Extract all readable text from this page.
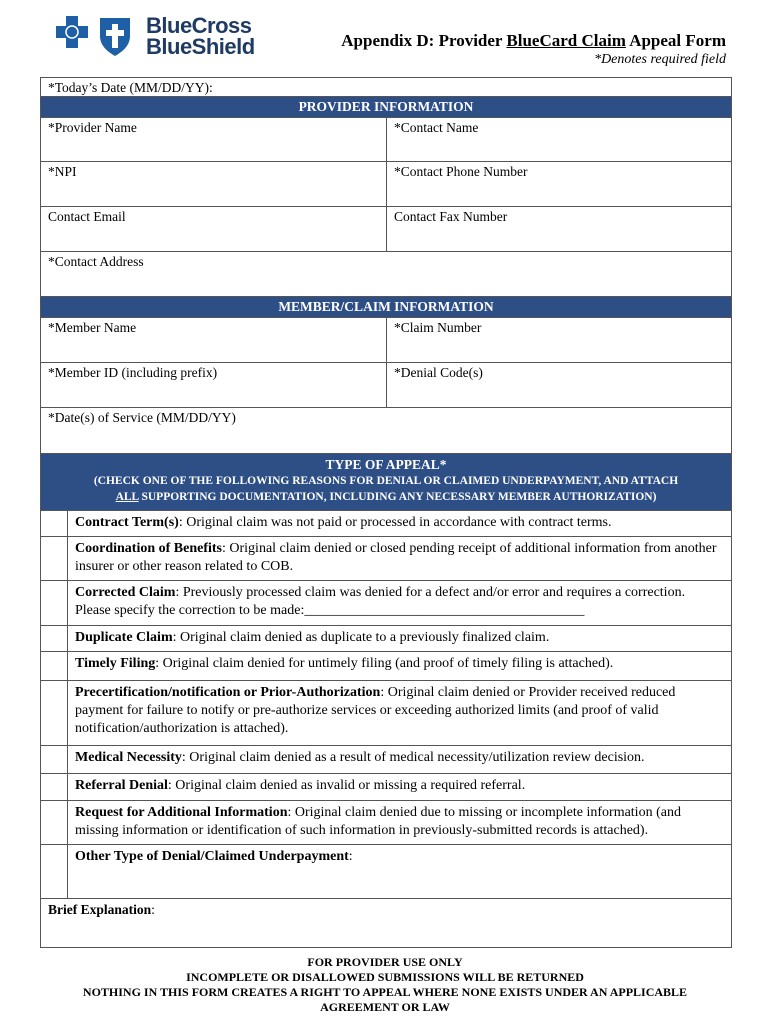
BlueCross
BlueShield	Appendix D: Provider BlueCard Claim Appeal Form
*Denotes required field
*Today’s Date (MM/DD/YY):
PROVIDER INFORMATION
*Provider Name	*Contact Name
*NPI	*Contact Phone Number
Contact Email	Contact Fax Number
*Contact Address
MEMBER/CLAIM INFORMATION
*Member Name	*Claim Number
*Member ID (including prefix)	*Denial Code(s)
*Date(s) of Service (MM/DD/YY)
TYPE OF APPEAL*
(CHECK ONE OF THE FOLLOWING REASONS FOR DENIAL OR CLAIMED UNDERPAYMENT, AND ATTACH
ALL SUPPORTING DOCUMENTATION, INCLUDING ANY NECESSARY MEMBER AUTHORIZATION)
Contract Term(s): Original claim was not paid or processed in accordance with contract terms.
Coordination of Benefits: Original claim denied or closed pending receipt of additional information from another insurer or other reason related to COB.
Corrected Claim: Previously processed claim was denied for a defect and/or error and requires a correction. Please specify the correction to be made:________________________________________
Duplicate Claim: Original claim denied as duplicate to a previously finalized claim.
Timely Filing: Original claim denied for untimely filing (and proof of timely filing is attached).
Precertification/notification or Prior-Authorization: Original claim denied or Provider received reduced payment for failure to notify or pre-authorize services or exceeding authorized limits (and proof of valid notification/authorization is attached).
Medical Necessity: Original claim denied as a result of medical necessity/utilization review decision.
Referral Denial: Original claim denied as invalid or missing a required referral.
Request for Additional Information: Original claim denied due to missing or incomplete information (and missing information or identification of such information in previously-submitted records is attached).
Other Type of Denial/Claimed Underpayment:
Brief Explanation:
FOR PROVIDER USE ONLY
INCOMPLETE OR DISALLOWED SUBMISSIONS WILL BE RETURNED
NOTHING IN THIS FORM CREATES A RIGHT TO APPEAL WHERE NONE EXISTS UNDER AN APPLICABLE
AGREEMENT OR LAW
